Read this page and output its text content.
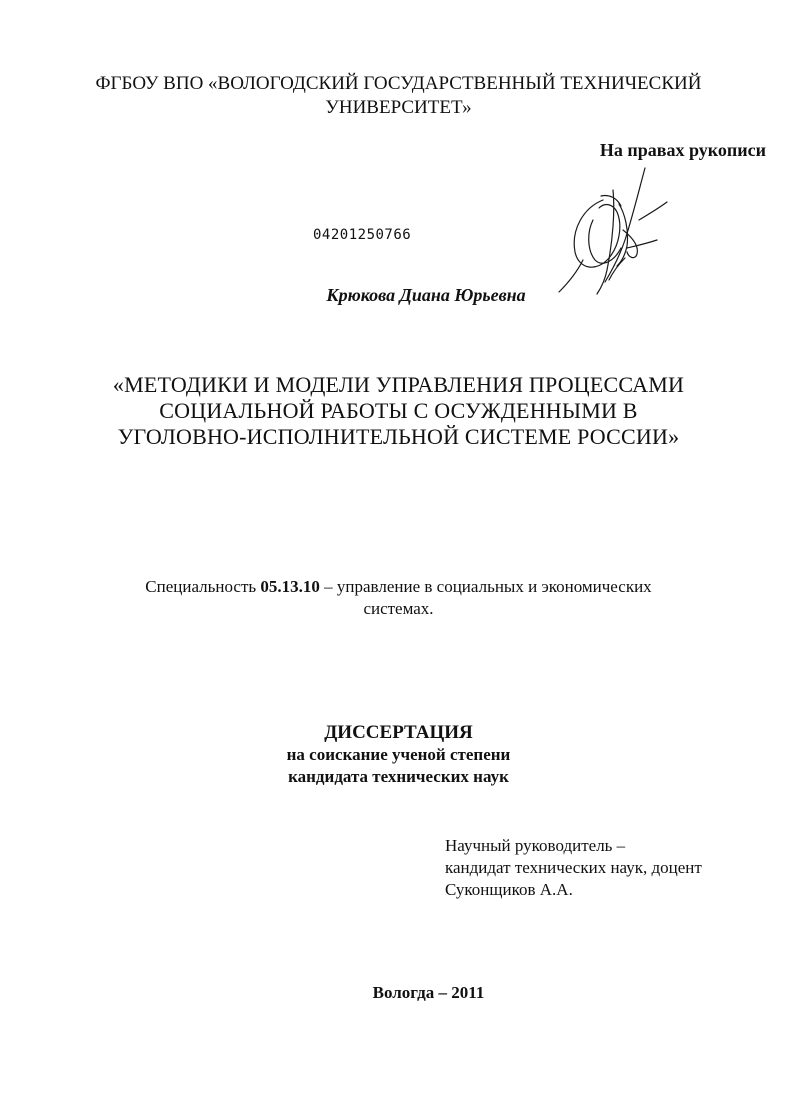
ФГБОУ ВПО «ВОЛОГОДСКИЙ ГОСУДАРСТВЕННЫЙ ТЕХНИЧЕСКИЙ
УНИВЕРСИТЕТ»

На правах рукописи

04201250766

Крюкова Диана Юрьевна

«МЕТОДИКИ И МОДЕЛИ УПРАВЛЕНИЯ ПРОЦЕССАМИ
СОЦИАЛЬНОЙ РАБОТЫ С ОСУЖДЕННЫМИ В
УГОЛОВНО-ИСПОЛНИТЕЛЬНОЙ СИСТЕМЕ РОССИИ»

Специальность 05.13.10 – управление в социальных и экономических
системах.

ДИССЕРТАЦИЯ
на соискание ученой степени
кандидата технических наук

Научный руководитель –
кандидат технических наук, доцент
Суконщиков А.А.

Вологда – 2011
